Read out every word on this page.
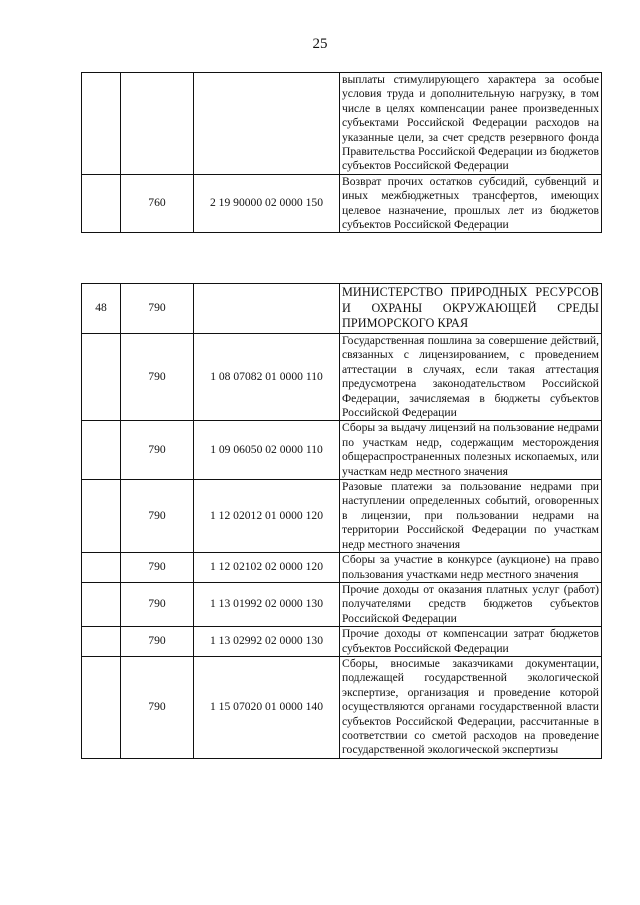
25
			выплаты стимулирующего характера за особые условия труда и дополнительную нагрузку, в том числе в целях компенсации ранее произведенных субъектами Российской Федерации расходов на указанные цели, за счет средств резервного фонда Правительства Российской Федерации из бюджетов субъектов Российской Федерации
	760	2 19 90000 02 0000 150	Возврат прочих остатков субсидий, субвенций и иных межбюджетных трансфертов, имеющих целевое назначение, прошлых лет из бюджетов субъектов Российской Федерации
48	790		МИНИСТЕРСТВО ПРИРОДНЫХ РЕСУРСОВ И ОХРАНЫ ОКРУЖАЮЩЕЙ СРЕДЫ ПРИМОРСКОГО КРАЯ
	790	1 08 07082 01 0000 110	Государственная пошлина за совершение действий, связанных с лицензированием, с проведением аттестации в случаях, если такая аттестация предусмотрена законодательством Российской Федерации, зачисляемая в бюджеты субъектов Российской Федерации
	790	1 09 06050 02 0000 110	Сборы за выдачу лицензий на пользование недрами по участкам недр, содержащим месторождения общераспространенных полезных ископаемых, или участкам недр местного значения
	790	1 12 02012 01 0000 120	Разовые платежи за пользование недрами при наступлении определенных событий, оговоренных в лицензии, при пользовании недрами на территории Российской Федерации по участкам недр местного значения
	790	1 12 02102 02 0000 120	Сборы за участие в конкурсе (аукционе) на право пользования участками недр местного значения
	790	1 13 01992 02 0000 130	Прочие доходы от оказания платных услуг (работ) получателями средств бюджетов субъектов Российской Федерации
	790	1 13 02992 02 0000 130	Прочие доходы от компенсации затрат бюджетов субъектов Российской Федерации
	790	1 15 07020 01 0000 140	Сборы, вносимые заказчиками документации, подлежащей государственной экологической экспертизе, организация и проведение которой осуществляются органами государственной власти субъектов Российской Федерации, рассчитанные в соответствии со сметой расходов на проведение государственной экологической экспертизы
